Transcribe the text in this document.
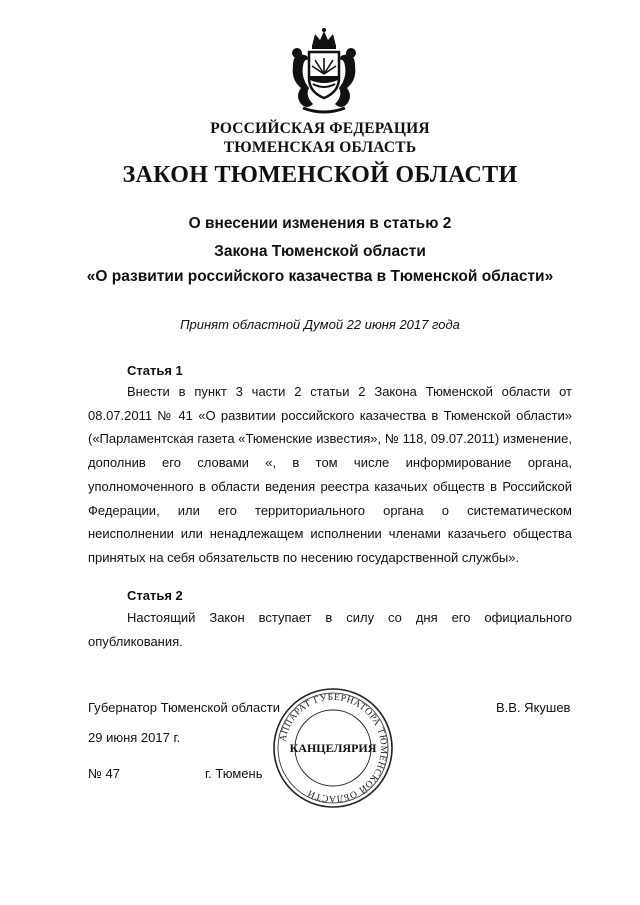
РОССИЙСКАЯ ФЕДЕРАЦИЯ
ТЮМЕНСКАЯ ОБЛАСТЬ
ЗАКОН ТЮМЕНСКОЙ ОБЛАСТИ
О внесении изменения в статью 2
Закона Тюменской области
«О развитии российского казачества в Тюменской области»
Принят областной Думой 22 июня 2017 года
Статья 1

Внести в пункт 3 части 2 статьи 2 Закона Тюменской области от 08.07.2011 № 41 «О развитии российского казачества в Тюменской области» («Парламентская газета «Тюменские известия», № 118, 09.07.2011) изменение, дополнив его словами «, в том числе информирование органа, уполномоченного в области ведения реестра казачьих обществ в Российской Федерации, или его территориального органа о систематическом неисполнении или ненадлежащем исполнении членами казачьего общества принятых на себя обязательств по несению государственной службы».

Статья 2

Настоящий Закон вступает в силу со дня его официального опубликования.

Губернатор Тюменской области	В.В. Якушев
29 июня 2017 г.
№ 47	г. Тюмень
АППАРАТ ГУБЕРНАТОРА ТЮМЕНСКОЙ ОБЛАСТИ
КАНЦЕЛЯРИЯ
